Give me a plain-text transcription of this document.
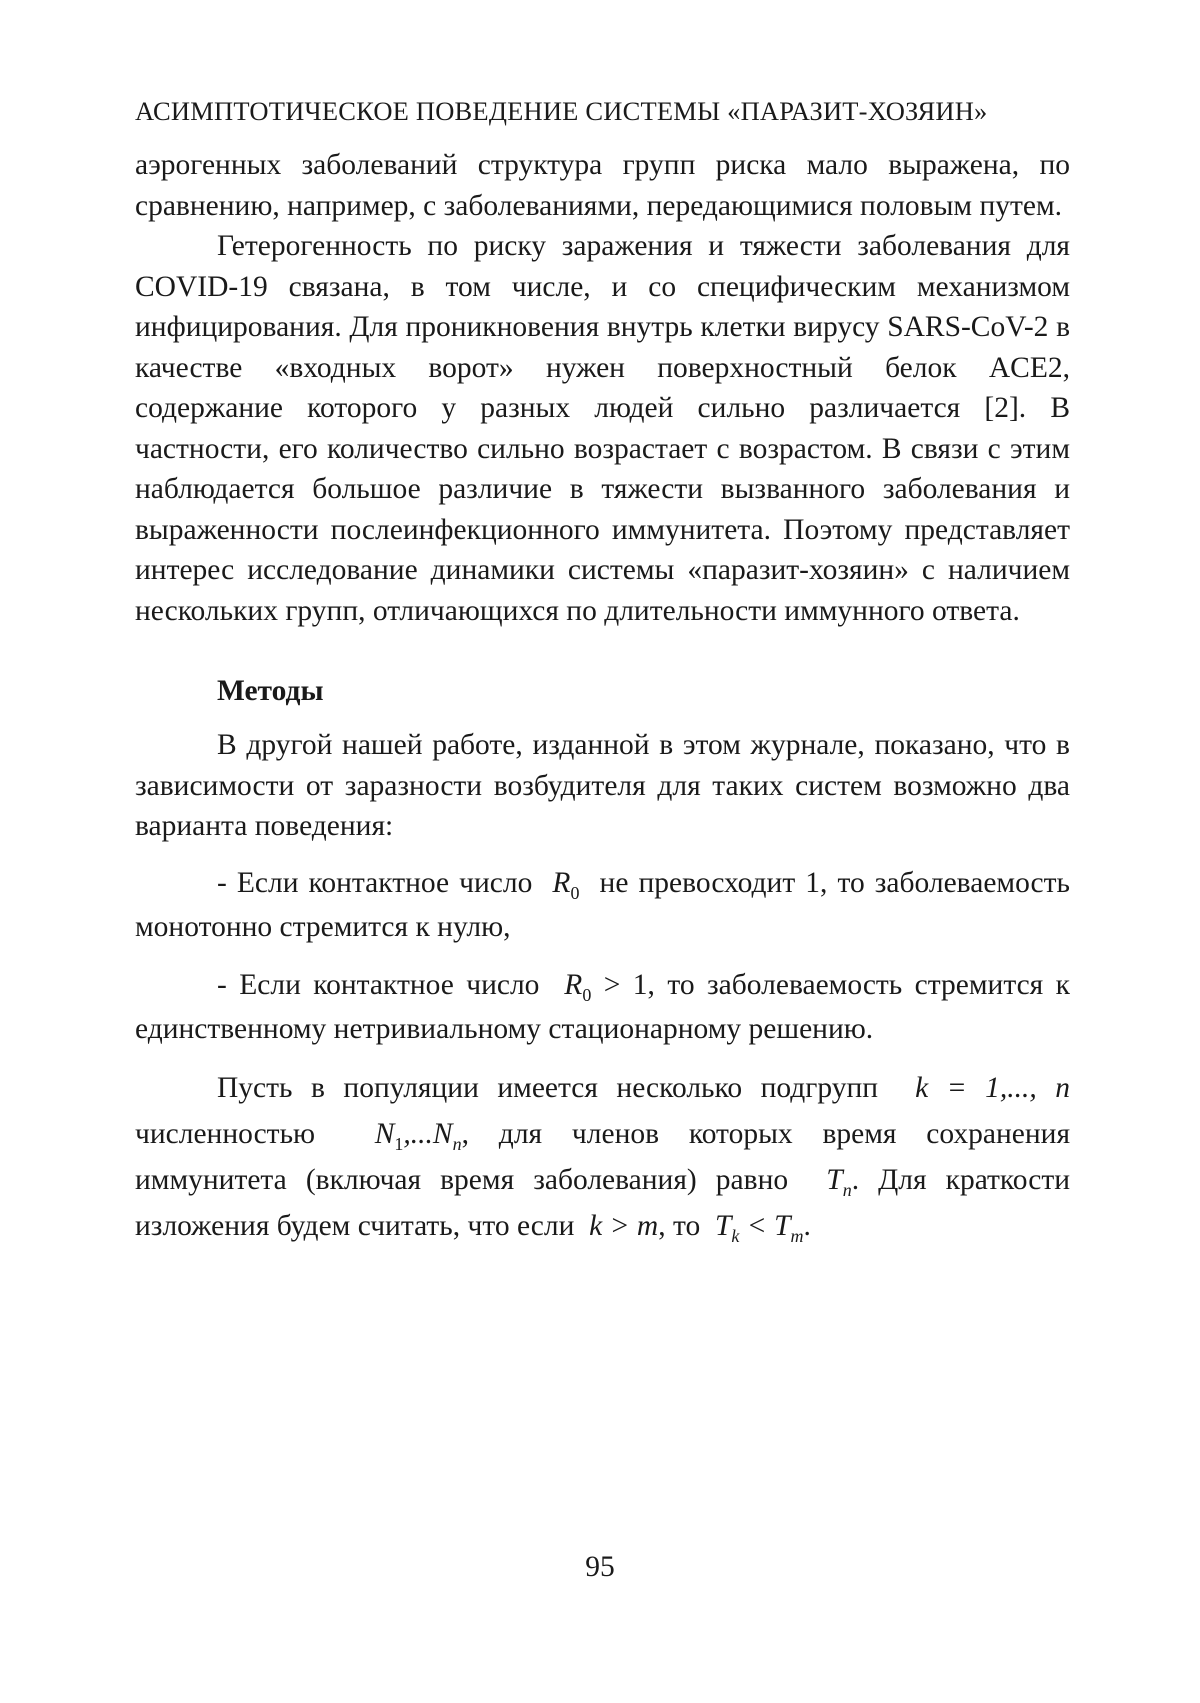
АСИМПТОТИЧЕСКОЕ ПОВЕДЕНИЕ СИСТЕМЫ «ПАРАЗИТ-ХОЗЯИН»

аэрогенных заболеваний структура групп риска мало выражена, по сравнению, например, с заболеваниями, передающимися по­ловым путем.

Гетерогенность по риску заражения и тяжести заболева­ния для COVID-19 связана, в том числе, и со специфическим механизмом инфицирования. Для проникновения внутрь клетки вирусу SARS-CoV-2 в качестве «входных ворот» нужен поверхностный белок ACE2, содержание которого у разных лю­дей сильно различается [2]. В частности, его количество сильно возрастает с возрастом. В связи с этим наблюдается большое различие в тяжести вызванного заболевания и выраженности послеинфекционного иммунитета. Поэтому представляет инте­рес исследование динамики системы «паразит-хозяин» с нали­чием нескольких групп, отличающихся по длительности им­мунного ответа.

Методы

В другой нашей работе, изданной в этом журнале, пока­зано, что в зависимости от заразности возбудителя для таких систем возможно два варианта поведения:

- Если контактное число R0 не превосходит 1, то заболе­ваемость монотонно стремится к нулю,

- Если контактное число R0 > 1, то заболеваемость стре­мится к единственному нетривиальному стационарному реше­нию.

Пусть в популяции имеется несколько подгрупп k = 1,..., n численностью N1,...Nn, для членов которых время сохранения иммунитета (включая время заболевания) равно Tn. Для крат­кости изложения будем считать, что если k > m, то Tk < Tm.

95
